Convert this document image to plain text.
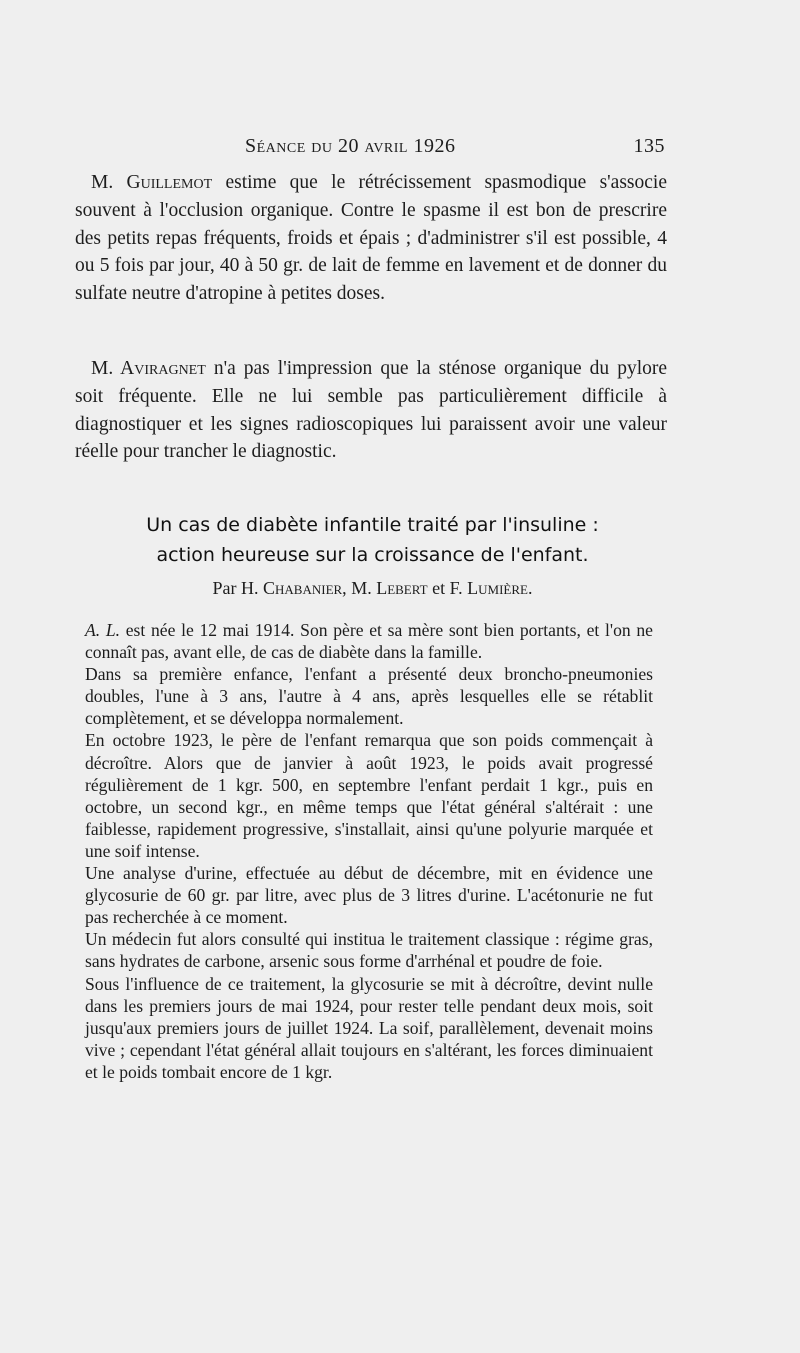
Séance du 20 avril 1926	135
M. Guillemot estime que le rétrécissement spasmodique s'associe souvent à l'occlusion organique. Contre le spasme il est bon de prescrire des petits repas fréquents, froids et épais ; d'administrer s'il est possible, 4 ou 5 fois par jour, 40 à 50 gr. de lait de femme en lavement et de donner du sulfate neutre d'atropine à petites doses.
M. Aviragnet n'a pas l'impression que la sténose organique du pylore soit fréquente. Elle ne lui semble pas particulièrement difficile à diagnostiquer et les signes radioscopiques lui paraissent avoir une valeur réelle pour trancher le diagnostic.
Un cas de diabète infantile traité par l'insuline :
action heureuse sur la croissance de l'enfant.
Par H. Chabanier, M. Lebert et F. Lumière.

A. L. est née le 12 mai 1914. Son père et sa mère sont bien portants, et l'on ne connaît pas, avant elle, de cas de diabète dans la famille.

Dans sa première enfance, l'enfant a présenté deux broncho-pneumonies doubles, l'une à 3 ans, l'autre à 4 ans, après lesquelles elle se rétablit complètement, et se développa normalement.

En octobre 1923, le père de l'enfant remarqua que son poids commençait à décroître. Alors que de janvier à août 1923, le poids avait progressé régulièrement de 1 kgr. 500, en septembre l'enfant perdait 1 kgr., puis en octobre, un second kgr., en même temps que l'état général s'altérait : une faiblesse, rapidement progressive, s'installait, ainsi qu'une polyurie marquée et une soif intense.

Une analyse d'urine, effectuée au début de décembre, mit en évidence une glycosurie de 60 gr. par litre, avec plus de 3 litres d'urine. L'acétonurie ne fut pas recherchée à ce moment.

Un médecin fut alors consulté qui institua le traitement classique : régime gras, sans hydrates de carbone, arsenic sous forme d'arrhénal et poudre de foie.

Sous l'influence de ce traitement, la glycosurie se mit à décroître, devint nulle dans les premiers jours de mai 1924, pour rester telle pendant deux mois, soit jusqu'aux premiers jours de juillet 1924. La soif, parallèlement, devenait moins vive ; cependant l'état général allait toujours en s'altérant, les forces diminuaient et le poids tombait encore de 1 kgr.
